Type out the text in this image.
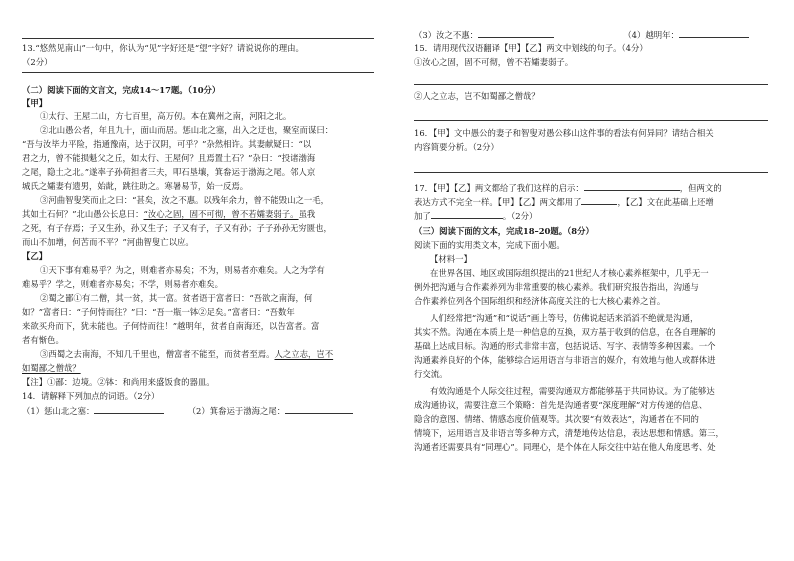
13.“悠然见南山”一句中，你认为“见”字好还是“望”字好？请说说你的理由。
（2分）
（二）阅读下面的文言文，完成14～17题。（10分）
【甲】
①太行、王屋二山，方七百里，高万仞。本在冀州之南，河阳之北。
②北山愚公者，年且九十，面山而居。惩山北之塞，出入之迂也，聚室而谋曰：
“吾与汝毕力平险，指通豫南，达于汉阴，可乎？”杂然相许。其妻献疑曰：“以
君之力，曾不能损魁父之丘，如太行、王屋何？且焉置土石？”杂曰：“投诸渤海
之尾，隐土之北。”遂率子孙荷担者三夫，叩石垦壤，箕畚运于渤海之尾。邻人京
城氏之孀妻有遗男，始龀，跳往助之。寒暑易节，始一反焉。
③河曲智叟笑而止之曰：“甚矣，汝之不惠。以残年余力，曾不能毁山之一毛，
其如土石何？”北山愚公长息曰：“汝心之固，固不可彻，曾不若孀妻弱子。虽我
之死，有子存焉；子又生孙，孙又生子；子又有子，子又有孙；子子孙孙无穷匮也，
而山不加增，何苦而不平？”河曲智叟亡以应。
【乙】
①天下事有难易乎？为之，则难者亦易矣；不为，则易者亦难矣。人之为学有
难易乎？学之，则难者亦易矣；不学，则易者亦难矣。
②蜀之鄙①有二僧，其一贫，其一富。贫者语于富者曰：“吾欲之南海，何
如？”富者曰：“子何恃而往？”曰：“吾一瓶一钵②足矣。”富者曰：“吾数年
来欲买舟而下，犹未能也。子何恃而往！”越明年，贫者自南海还，以告富者。富
者有惭色。
③西蜀之去南海，不知几千里也，僧富者不能至，而贫者至焉。人之立志，岂不
如蜀鄙之僧哉？
【注】①鄙：边境。②钵：和尚用来盛饭食的器皿。
14．请解释下列加点的词语。（2分）
（1）惩山北之塞：	（2）箕畚运于渤海之尾：
（3）汝之不惠：	（4）越明年：
15．请用现代汉语翻译【甲】【乙】两文中划线的句子。（4分）
①汝心之固，固不可彻，曾不若孀妻弱子。
②人之立志，岂不如蜀鄙之僧哉？
16．【甲】文中愚公的妻子和智叟对愚公移山这件事的看法有何异同？请结合相关
内容简要分析。（2分）
17．【甲】【乙】两文都给了我们这样的启示：	，但两文的
表达方式不完全一样。【甲】【乙】两文都用了	，【乙】文在此基础上还增
加了	。（2分）
（三）阅读下面的文本，完成18–20题。（8分）
阅读下面的实用类文本，完成下面小题。
【材料一】
在世界各国、地区或国际组织提出的21世纪人才核心素养框架中，几乎无一
例外把沟通与合作素养列为非常重要的核心素养。我们研究报告指出，沟通与
合作素养位列各个国际组织和经济体高度关注的七大核心素养之首。
人们经常把“沟通”和“说话”画上等号，仿佛说起话来滔滔不绝就是沟通，
其实不然。沟通在本质上是一种信息的互换，双方基于收到的信息，在各自理解的
基础上达成目标。沟通的形式非常丰富，包括说话、写字、表情等多种因素。一个
沟通素养良好的个体，能够综合运用语言与非语言的媒介，有效地与他人或群体进
行交流。
有效沟通是个人际交往过程，需要沟通双方都能够基于共同协议。为了能够达
成沟通协议，需要注意三个策略：首先是沟通者要“深度理解”对方传递的信息、
隐含的意图、情绪、情感态度价值观等。其次要“有效表达”，沟通者在不同的
情境下，运用语言及非语言等多种方式，清楚地传达信息，表达思想和情感。第三，
沟通者还需要具有“同理心”。同理心，是个体在人际交往中站在他人角度思考、处
